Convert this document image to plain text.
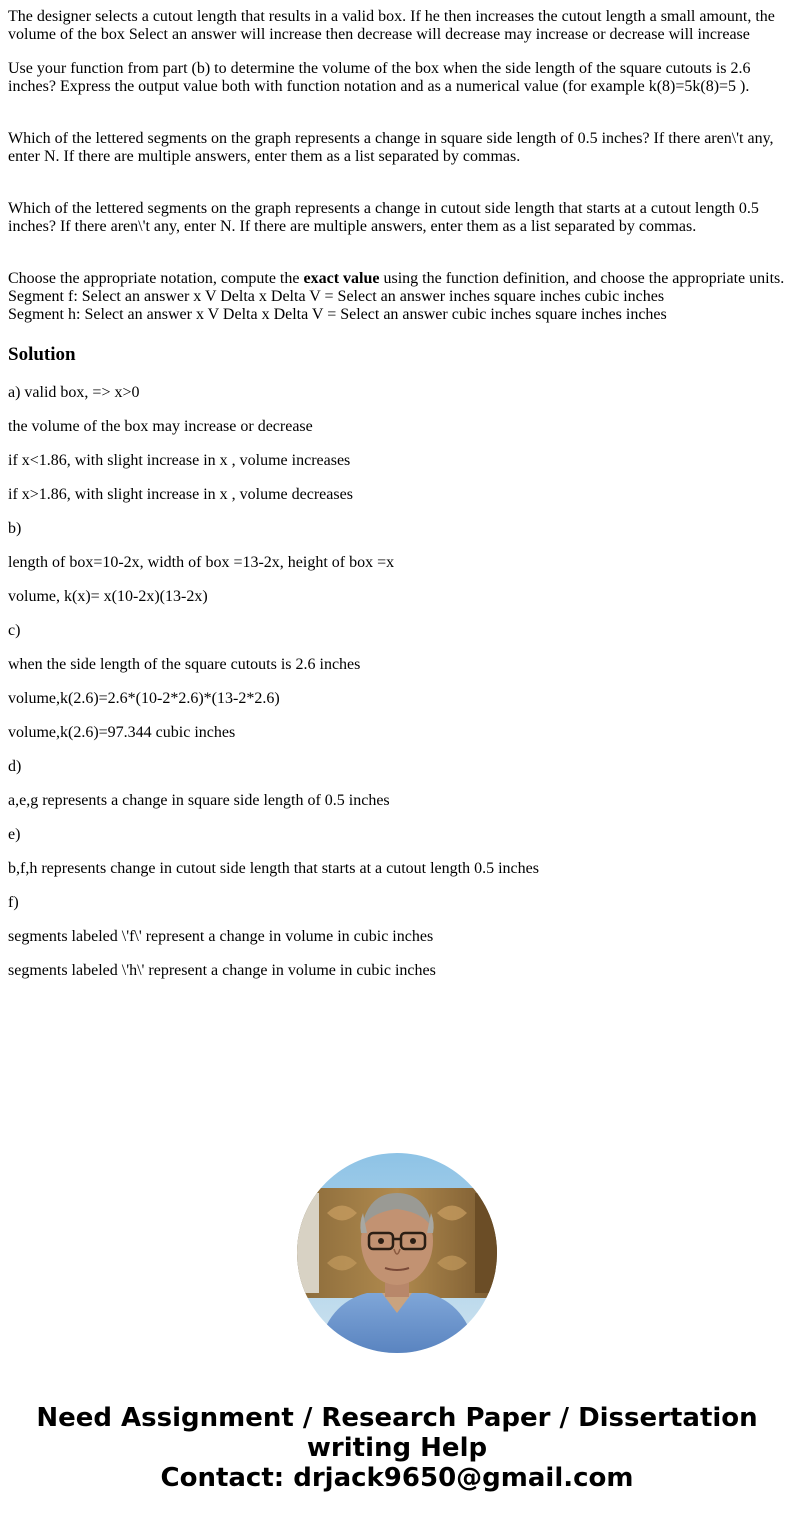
The designer selects a cutout length that results in a valid box. If he then increases the cutout length a small amount, the
volume of the box Select an answer will increase then decrease will decrease may increase or decrease will increase
Use your function from part (b) to determine the volume of the box when the side length of the square cutouts is 2.6
inches? Express the output value both with function notation and as a numerical value (for example k(8)=5k(8)=5 ).
Which of the lettered segments on the graph represents a change in square side length of 0.5 inches? If there aren\'t any,
enter N. If there are multiple answers, enter them as a list separated by commas.
Which of the lettered segments on the graph represents a change in cutout side length that starts at a cutout length 0.5
inches? If there aren\'t any, enter N. If there are multiple answers, enter them as a list separated by commas.
Choose the appropriate notation, compute the exact value using the function definition, and choose the appropriate units.
Segment f: Select an answer x V Delta x Delta V = Select an answer inches square inches cubic inches
Segment h: Select an answer x V Delta x Delta V = Select an answer cubic inches square inches inches
Solution

a) valid box, => x>0

the volume of the box may increase or decrease

if x<1.86, with slight increase in x , volume increases

if x>1.86, with slight increase in x , volume decreases

b)

length of box=10-2x, width of box =13-2x, height of box =x

volume, k(x)= x(10-2x)(13-2x)

c)

when the side length of the square cutouts is 2.6 inches

volume,k(2.6)=2.6*(10-2*2.6)*(13-2*2.6)

volume,k(2.6)=97.344 cubic inches

d)

a,e,g represents a change in square side length of 0.5 inches

e)

b,f,h represents change in cutout side length that starts at a cutout length 0.5 inches

f)

segments labeled \'f\' represent a change in volume in cubic inches

segments labeled \'h\' represent a change in volume in cubic inches

Need Assignment / Research Paper / Dissertation
writing Help
Contact: drjack9650@gmail.com
